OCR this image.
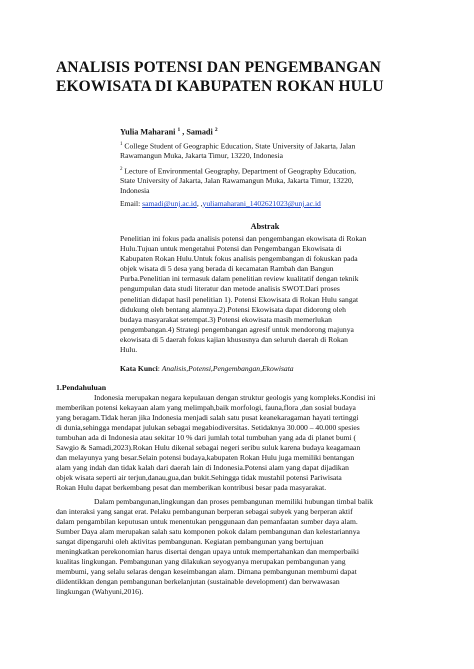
ANALISIS POTENSI DAN PENGEMBANGAN
EKOWISATA DI KABUPATEN ROKAN HULU
Yulia Maharani $^1$ , Samadi $^2$
$^1$ College Student of Geographic Education, State University of Jakarta, Jalan
Rawamangun Muka, Jakarta Timur, 13220, Indonesia
$^2$ Lecture of Environmental Geography, Department of Geography Education,
State University of Jakarta, Jalan Rawamangun Muka, Jakarta Timur, 13220,
Indonesia
Email: samadi@unj.ac.id, ,yuliamaharani_1402621023@unj.ac.id
Abstrak
Penelitian ini fokus pada analisis potensi dan pengembangan ekowisata di Rokan
Hulu.Tujuan untuk mengetahui Potensi dan Pengembangan Ekowisata di
Kabupaten Rokan Hulu.Untuk fokus analisis pengembangan di fokuskan pada
objek wisata di 5 desa yang berada di kecamatan Rambah dan Bangun
Purba.Penelitian ini termasuk dalam penelitian review kualitatif dengan teknik
pengumpulan data studi literatur dan metode analisis SWOT.Dari proses
penelitian didapat hasil penelitian 1). Potensi Ekowisata di Rokan Hulu sangat
didukung oleh bentang alamnya.2).Potensi Ekowisata dapat didorong oleh
budaya masyarakat setempat.3) Potensi ekowisata masih memerlukan
pengembangan.4) Strategi pengembangan agresif untuk mendorong majunya
ekowisata di 5 daerah fokus kajian khususnya dan seluruh daerah di Rokan
Hulu.
Kata Kunci: Analisis,Potensi,Pengembangan,Ekowisata
1.Pendahuluan
Indonesia merupakan negara kepulauan dengan struktur geologis yang kompleks.Kondisi ini
memberikan potensi kekayaan alam yang melimpah,baik morfologi, fauna,flora ,dan sosial budaya
yang beragam.Tidak heran jika Indonesia menjadi salah satu pusat keanekaragaman hayati tertinggi
di dunia,sehingga mendapat julukan sebagai megabiodiversitas. Setidaknya 30.000 – 40.000 spesies
tumbuhan ada di Indonesia atau sekitar 10 % dari jumlah total tumbuhan yang ada di planet bumi (
Sawgio & Samadi,2023).Rokan Hulu dikenal sebagai negeri seribu suluk karena budaya keagamaan
dan melayunya yang besar.Selain potensi budaya,kabupaten Rokan Hulu juga memiliki bentangan
alam yang indah dan tidak kalah dari daerah lain di Indonesia.Potensi alam yang dapat dijadikan
objek wisata seperti air terjun,danau,gua,dan bukit.Sehingga tidak mustahil potensi Pariwisata
Rokan Hulu dapat berkembang pesat dan memberikan kontribusi besar pada masyarakat.
Dalam pembangunan,lingkungan dan proses pembangunan memiliki hubungan timbal balik
dan interaksi yang sangat erat. Pelaku pembangunan berperan sebagai subyek yang berperan aktif
dalam pengambilan keputusan untuk menentukan penggunaan dan pemanfaatan sumber daya alam.
Sumber Daya alam merupakan salah satu komponen pokok dalam pembangunan dan kelestariannya
sangat dipengaruhi oleh aktivitas pembangunan. Kegiatan pembangunan yang bertujuan
meningkatkan perekonomian harus disertai dengan upaya untuk mempertahankan dan memperbaiki
kualitas lingkungan. Pembangunan yang dilakukan seyogyanya merupakan pembangunan yang
membumi, yang selalu selaras dengan keseimbangan alam. Dimana pembangunan membumi dapat
diidentikkan dengan pembangunan berkelanjutan (sustainable development) dan berwawasan
lingkungan (Wahyuni,2016).
